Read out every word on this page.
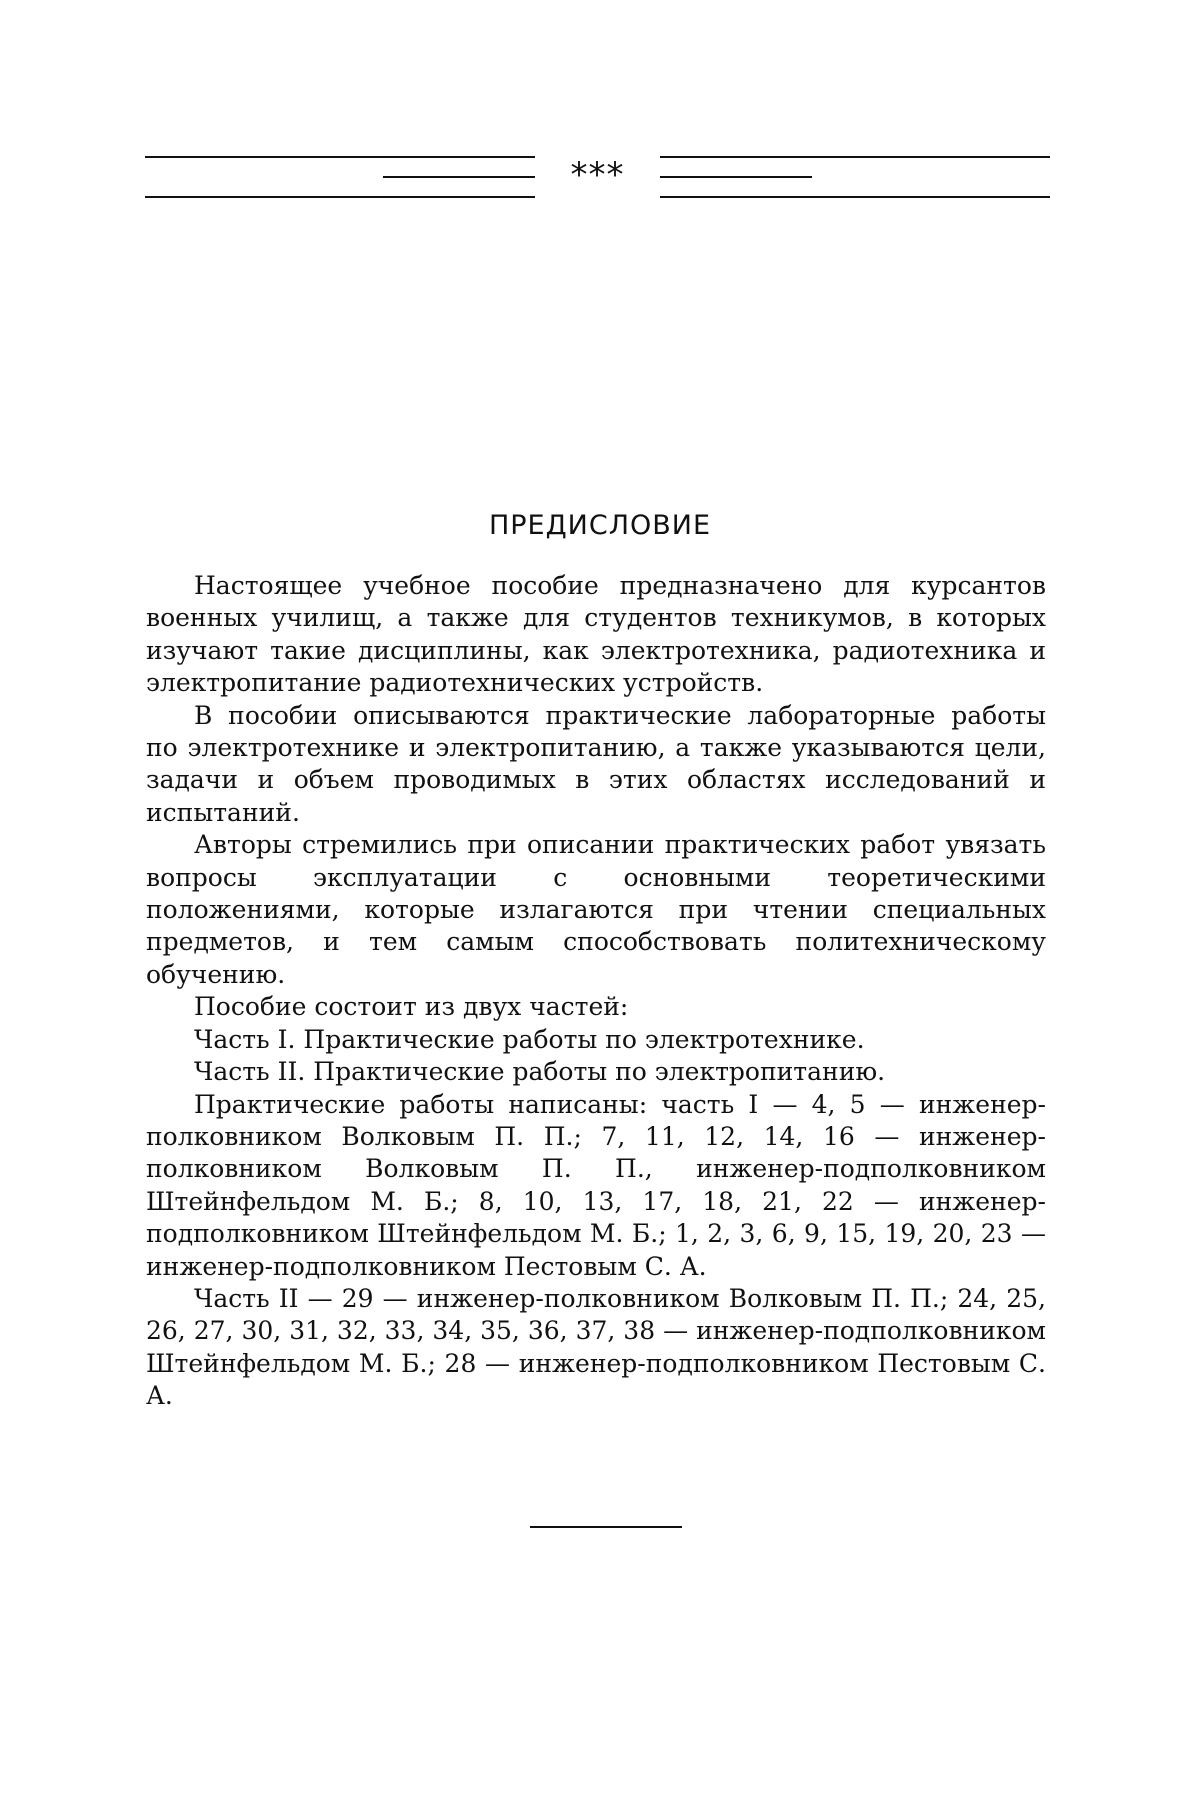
***
ПРЕДИСЛОВИЕ

Настоящее учебное пособие предназначено для курсантов военных училищ, а также для студентов техникумов, в которых изучают такие дисциплины, как электротехника, радиотехника и электропитание радиотехнических устройств.

В пособии описываются практические лабораторные работы по электротехнике и электропитанию, а также указываются цели, задачи и объем проводимых в этих областях исследований и испытаний.

Авторы стремились при описании практических работ увязать вопросы эксплуатации с основными теоретическими положениями, которые излагаются при чтении специальных предметов, и тем самым способствовать политехническому обучению.

Пособие состоит из двух частей:

Часть I. Практические работы по электротехнике.

Часть II. Практические работы по электропитанию.

Практические работы написаны: часть I — 4, 5 — инженер-полковником Волковым П. П.; 7, 11, 12, 14, 16 — инженер-полковником Волковым П. П., инженер-подполковником Штейнфельдом М. Б.; 8, 10, 13, 17, 18, 21, 22 — инженер-подполковником Штейнфельдом М. Б.; 1, 2, 3, 6, 9, 15, 19, 20, 23 — инженер-подполковником Пестовым С. А.

Часть II — 29 — инженер-полковником Волковым П. П.; 24, 25, 26, 27, 30, 31, 32, 33, 34, 35, 36, 37, 38 — инженер-подполковником Штейнфельдом М. Б.; 28 — инженер-подполковником Пестовым С. А.
